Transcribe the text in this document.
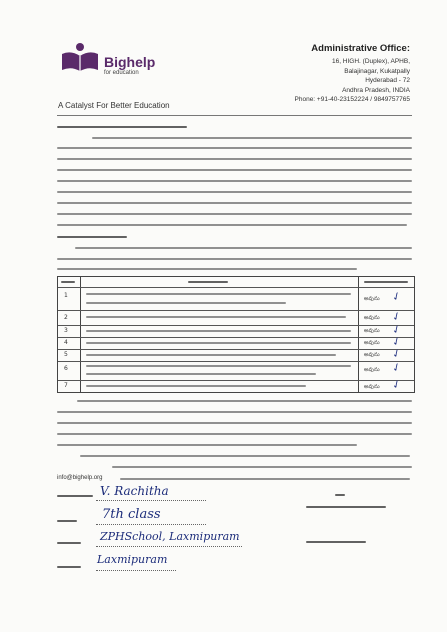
Bighelp
for education
A Catalyst For Better Education
Administrative Office:
16, HIGH. (Duplex), APHB,
Balajinagar, Kukatpally
Hyderabad - 72
Andhra Pradesh, INDIA
Phone: +91-40-23152224 / 9849757765
1	అవును ✓
2	అవును ✓
3	అవును ✓
4	అవును ✓
5	అవును ✓
6	అవును ✓
7	అవును ✓
info@bighelp.org
V. Rachitha
7th class
ZPHSchool, Laxmipuram
Laxmipuram
